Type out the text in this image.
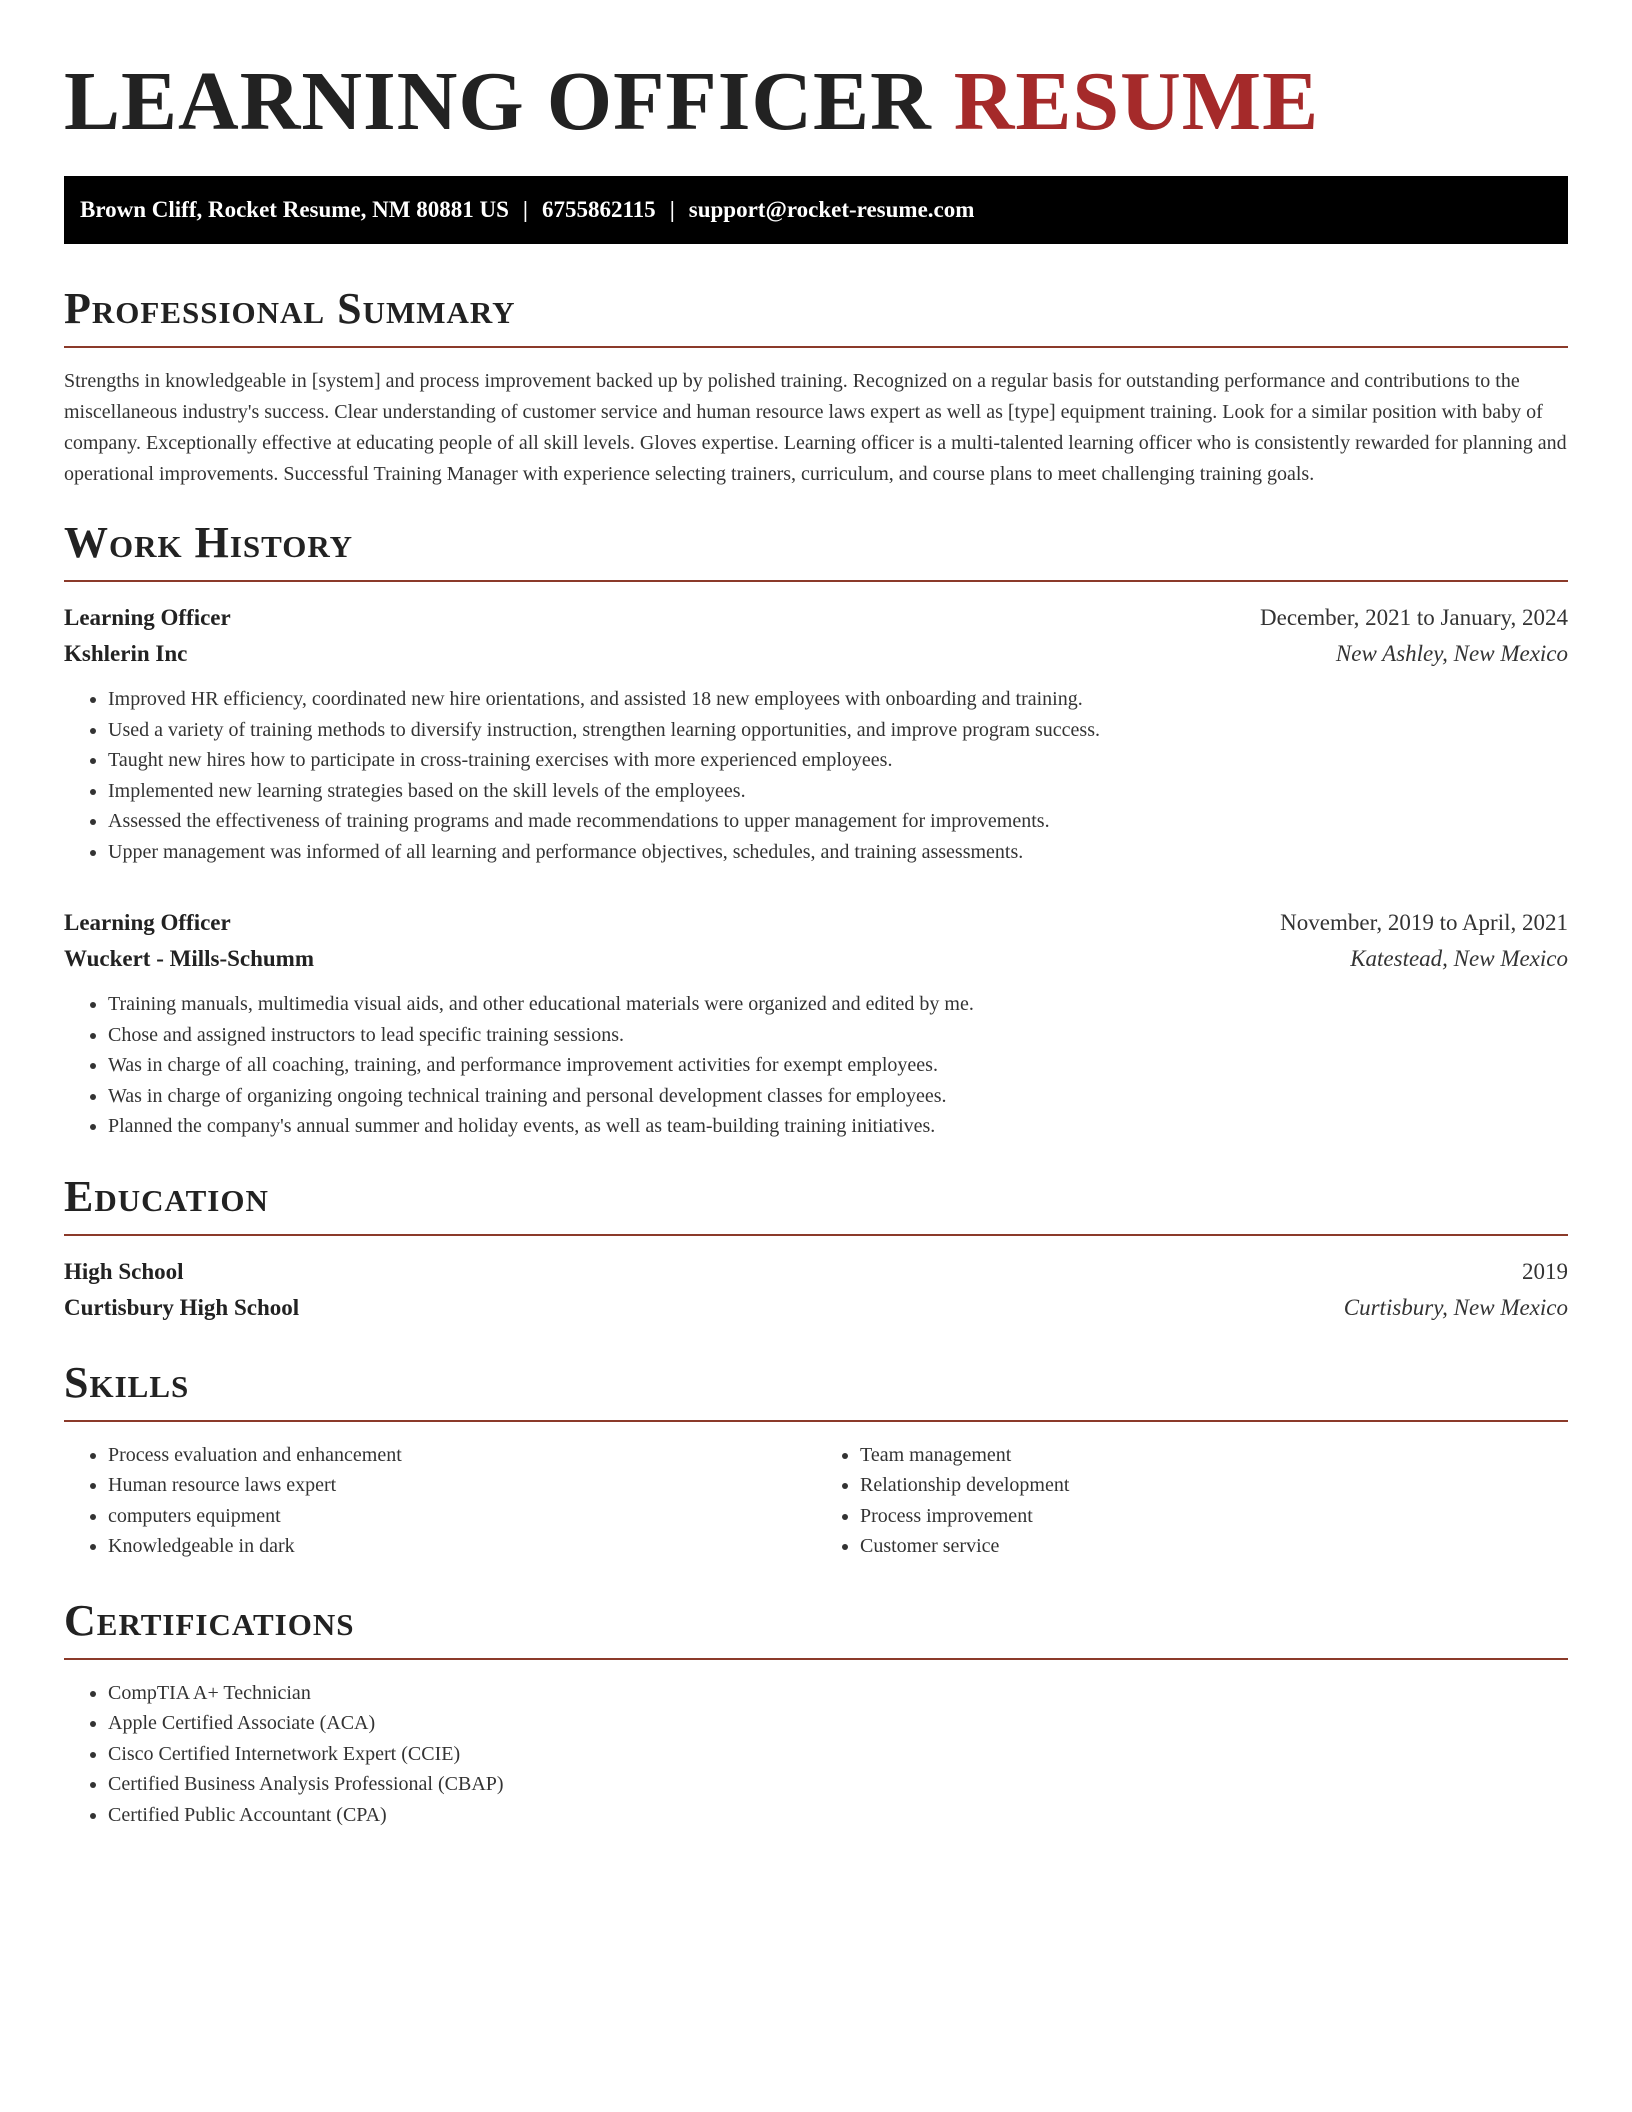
LEARNING OFFICER RESUME
Brown Cliff, Rocket Resume, NM 80881 US | 6755862115 | support@rocket-resume.com
Professional Summary

Strengths in knowledgeable in [system] and process improvement backed up by polished training. Recognized on a regular basis for outstanding performance and contributions to the miscellaneous industry's success. Clear understanding of customer service and human resource laws expert as well as [type] equipment training. Look for a similar position with baby of company. Exceptionally effective at educating people of all skill levels. Gloves expertise. Learning officer is a multi-talented learning officer who is consistently rewarded for planning and operational improvements. Successful Training Manager with experience selecting trainers, curriculum, and course plans to meet challenging training goals.

Work History
Learning Officer	December, 2021 to January, 2024
Kshlerin Inc	New Ashley, New Mexico
• Improved HR efficiency, coordinated new hire orientations, and assisted 18 new employees with onboarding and training.
• Used a variety of training methods to diversify instruction, strengthen learning opportunities, and improve program success.
• Taught new hires how to participate in cross-training exercises with more experienced employees.
• Implemented new learning strategies based on the skill levels of the employees.
• Assessed the effectiveness of training programs and made recommendations to upper management for improvements.
• Upper management was informed of all learning and performance objectives, schedules, and training assessments.
Learning Officer	November, 2019 to April, 2021
Wuckert - Mills-Schumm	Katestead, New Mexico
• Training manuals, multimedia visual aids, and other educational materials were organized and edited by me.
• Chose and assigned instructors to lead specific training sessions.
• Was in charge of all coaching, training, and performance improvement activities for exempt employees.
• Was in charge of organizing ongoing technical training and personal development classes for employees.
• Planned the company's annual summer and holiday events, as well as team-building training initiatives.
Education
High School	2019
Curtisbury High School	Curtisbury, New Mexico
Skills
• Process evaluation and enhancement
• Human resource laws expert
• computers equipment
• Knowledgeable in dark
• Team management
• Relationship development
• Process improvement
• Customer service
Certifications
• CompTIA A+ Technician
• Apple Certified Associate (ACA)
• Cisco Certified Internetwork Expert (CCIE)
• Certified Business Analysis Professional (CBAP)
• Certified Public Accountant (CPA)
